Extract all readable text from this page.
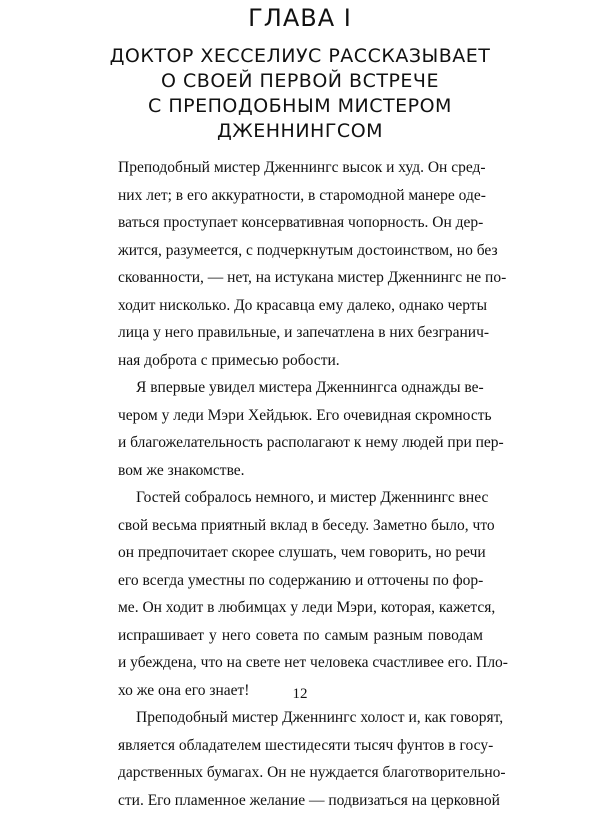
ГЛАВА I
ДОКТОР ХЕССЕЛИУС РАССКАЗЫВАЕТ
О СВОЕЙ ПЕРВОЙ ВСТРЕЧЕ
С ПРЕПОДОБНЫМ МИСТЕРОМ
ДЖЕННИНГСОМ

Преподобный мистер Дженнингс высок и худ. Он сред-
них лет; в его аккуратности, в старомодной манере оде-
ваться проступает консервативная чопорность. Он дер-
жится, разумеется, с подчеркнутым достоинством, но без
скованности, — нет, на истукана мистер Дженнингс не по-
ходит нисколько. До красавца ему далеко, однако черты
лица у него правильные, и запечатлена в них безгранич-
ная доброта с примесью робости.

Я впервые увидел мистера Дженнингса однажды ве-
чером у леди Мэри Хейдьюк. Его очевидная скромность
и благожелательность располагают к нему людей при пер-
вом же знакомстве.

Гостей собралось немного, и мистер Дженнингс внес
свой весьма приятный вклад в беседу. Заметно было, что
он предпочитает скорее слушать, чем говорить, но речи
его всегда уместны по содержанию и отточены по фор-
ме. Он ходит в любимцах у леди Мэри, которая, кажется,
испрашивает у него совета по самым разным поводам
и убеждена, что на свете нет человека счастливее его. Пло-
хо же она его знает!

Преподобный мистер Дженнингс холост и, как говорят,
является обладателем шестидесяти тысяч фунтов в госу-
дарственных бумагах. Он не нуждается благотворительно-
сти. Его пламенное желание — подвизаться на церковной

12
